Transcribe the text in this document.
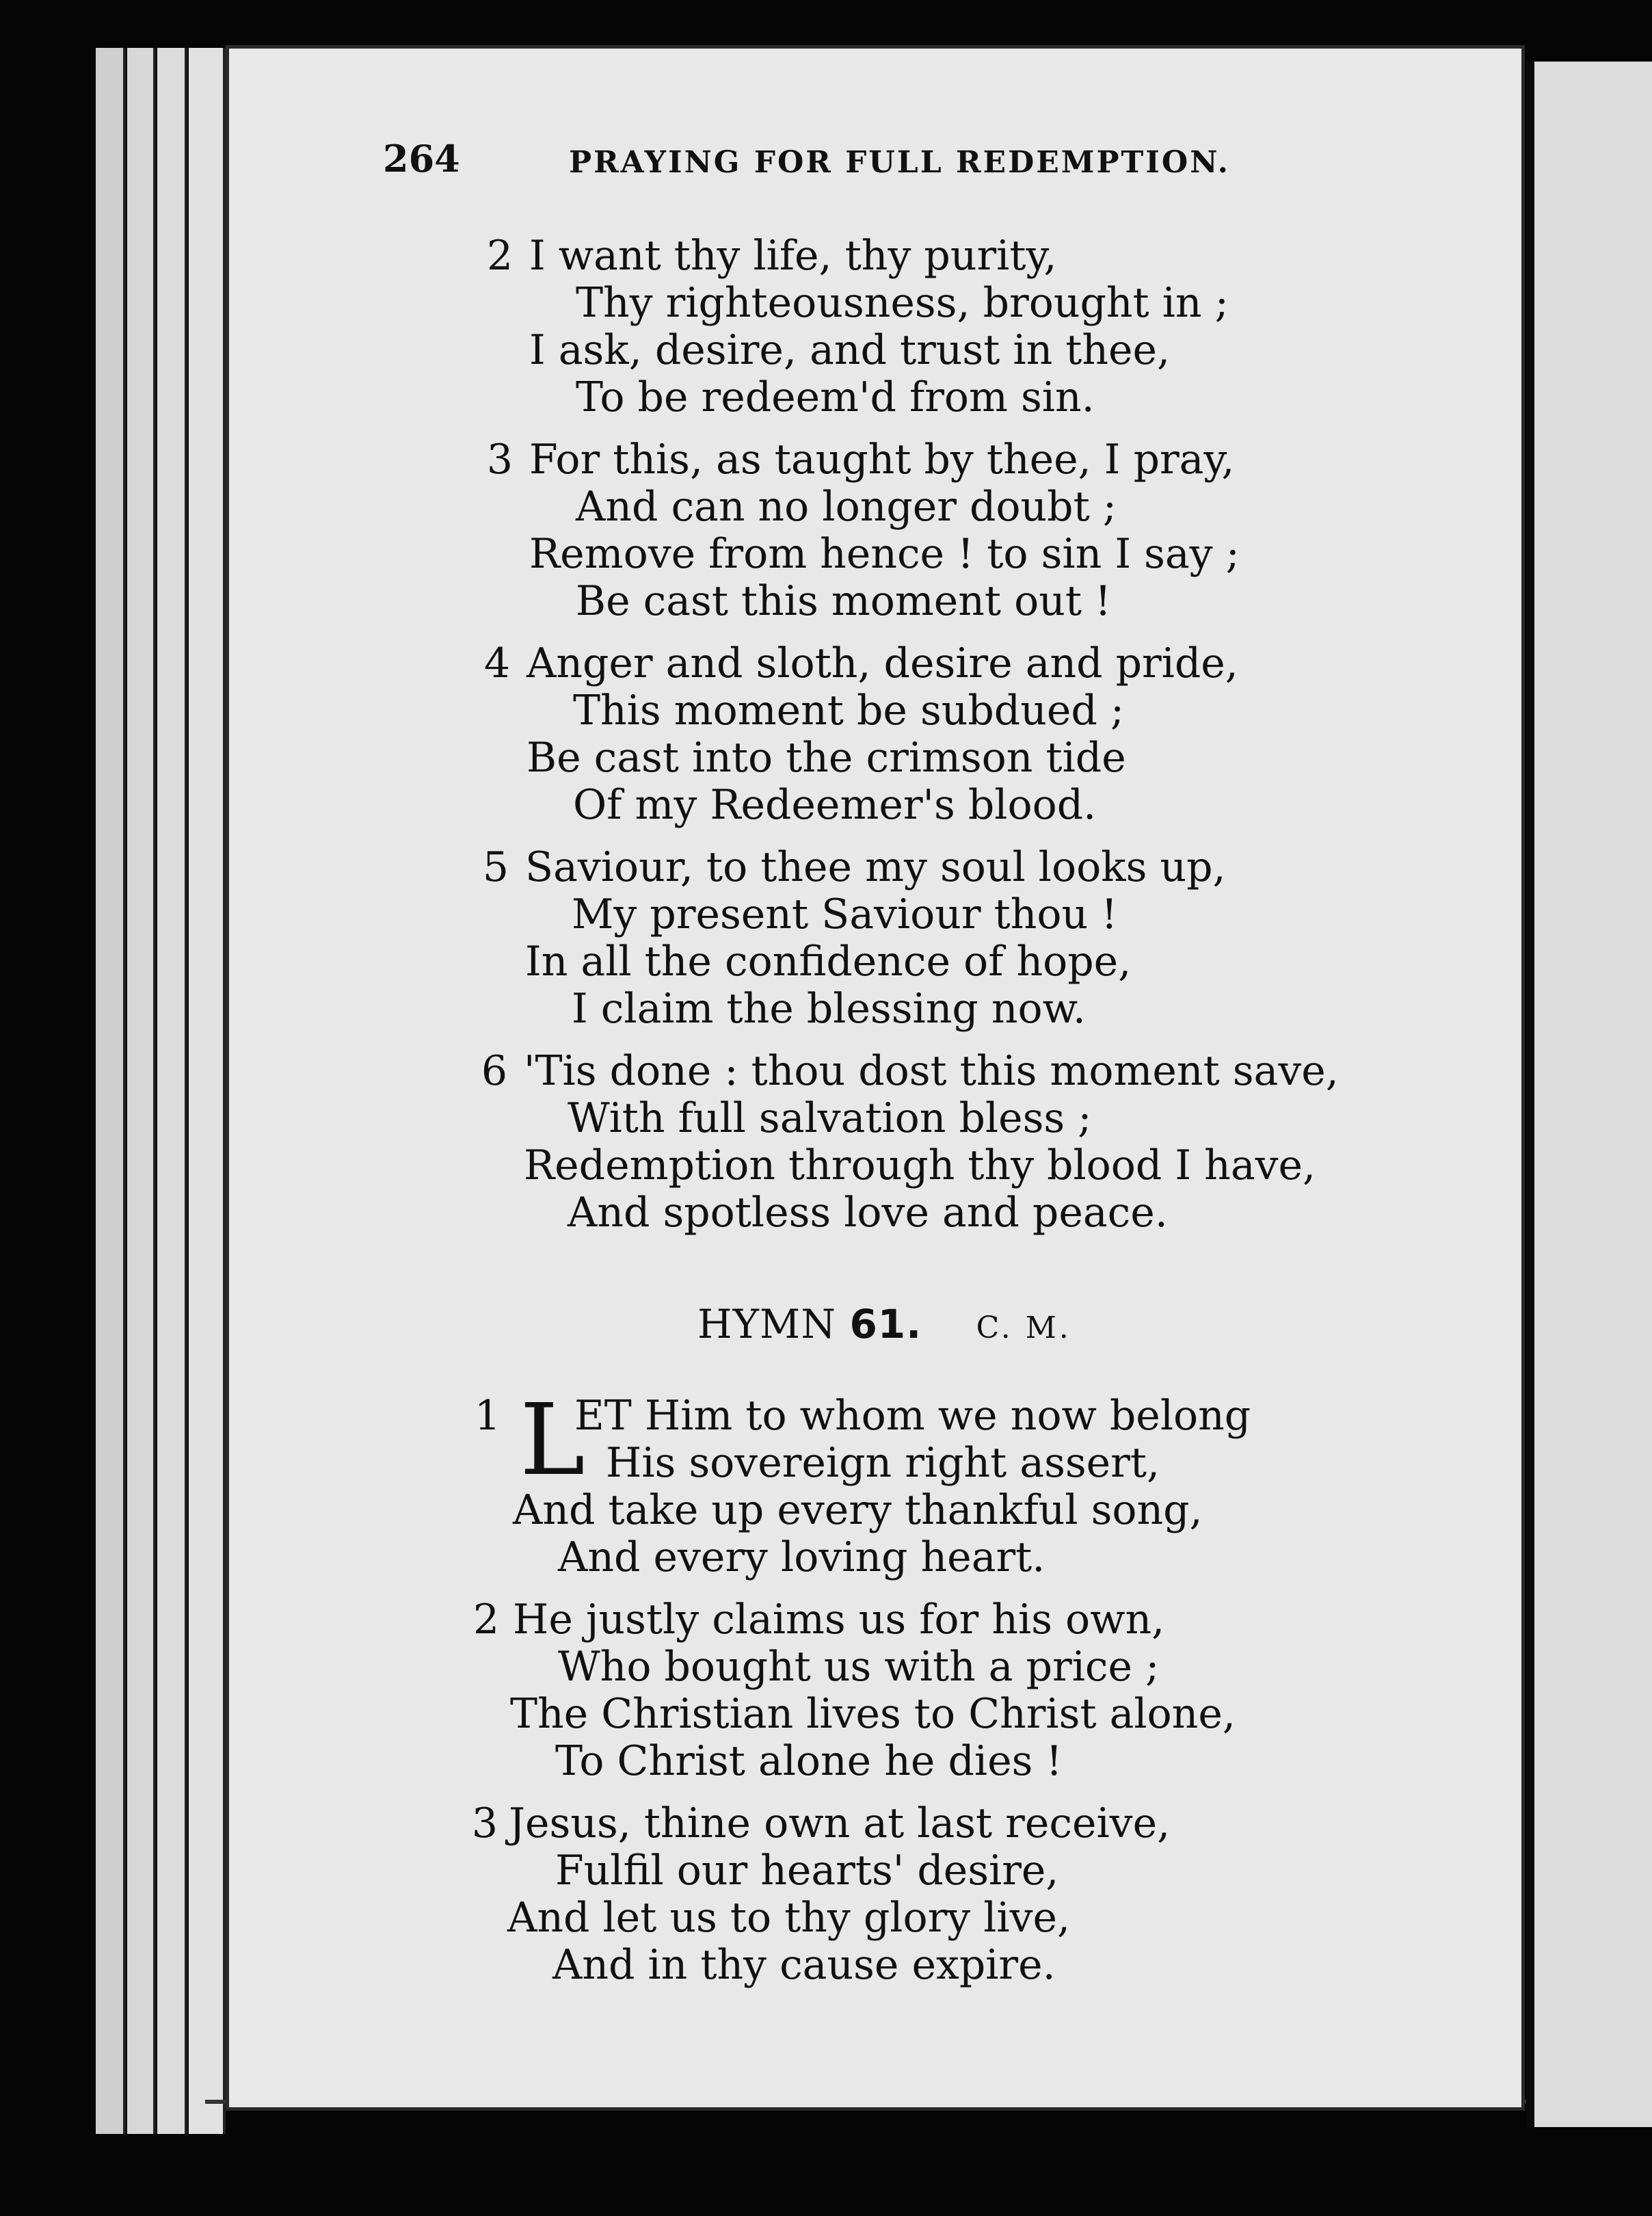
264	PRAYING FOR FULL REDEMPTION.
2 I want thy life, thy purity,
Thy righteousness, brought in ;
I ask, desire, and trust in thee,
To be redeem'd from sin.
3 For this, as taught by thee, I pray,
And can no longer doubt ;
Remove from hence ! to sin I say ;
Be cast this moment out !
4 Anger and sloth, desire and pride,
This moment be subdued ;
Be cast into the crimson tide
Of my Redeemer's blood.
5 Saviour, to thee my soul looks up,
My present Saviour thou !
In all the confidence of hope,
I claim the blessing now.
6 'Tis done : thou dost this moment save,
With full salvation bless ;
Redemption through thy blood I have,
And spotless love and peace.
HYMN 61. C. M.
1 L
ET Him to whom we now belong
His sovereign right assert,
And take up every thankful song,
And every loving heart.
2 He justly claims us for his own,
Who bought us with a price ;
The Christian lives to Christ alone,
To Christ alone he dies !
3 Jesus, thine own at last receive,
Fulfil our hearts' desire,
And let us to thy glory live,
And in thy cause expire.
